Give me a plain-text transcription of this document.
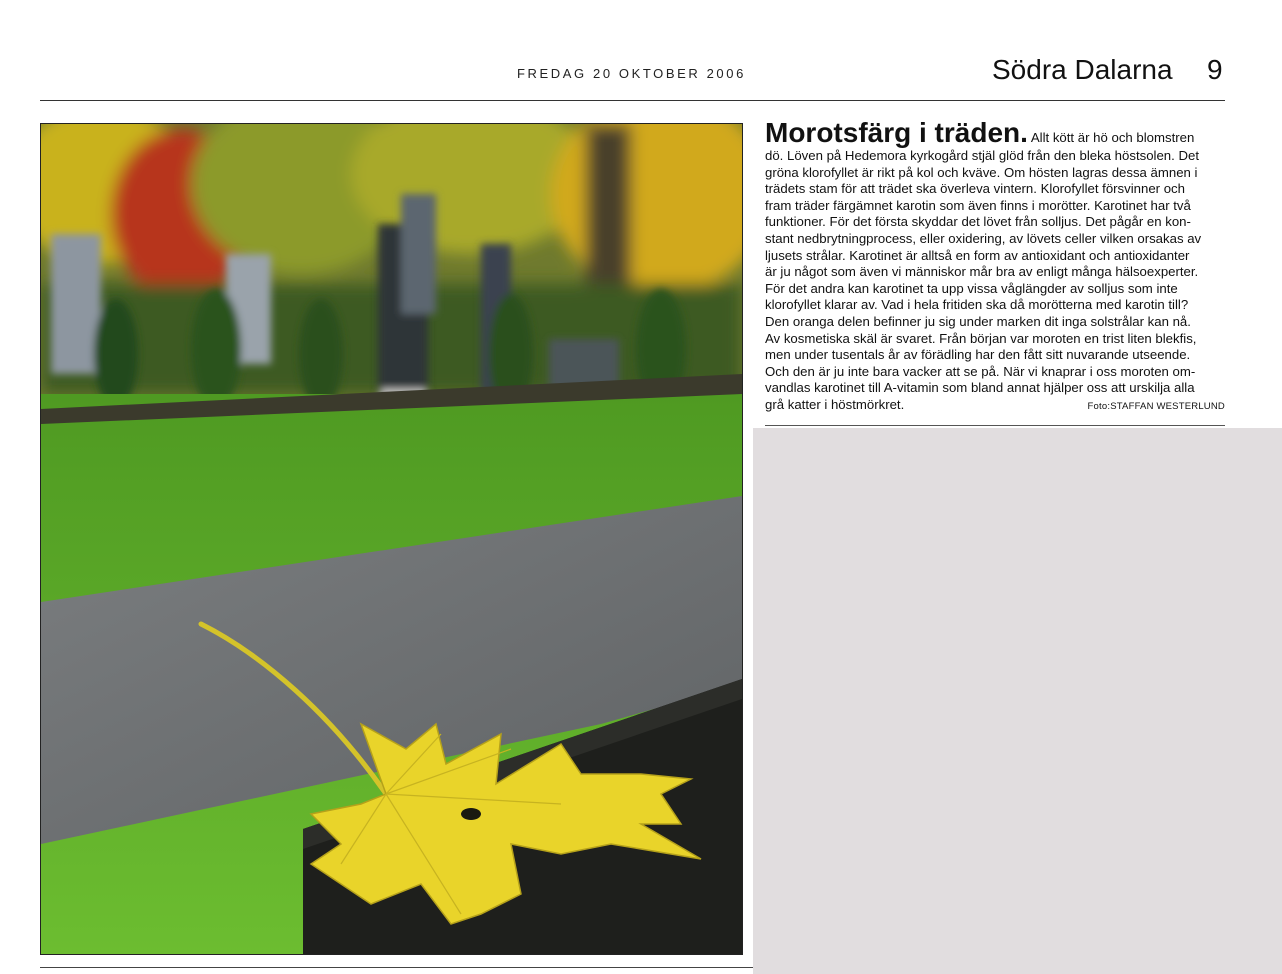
FREDAG 20 OKTOBER 2006	Södra Dalarna 9
Morotsfärg i träden. Allt kött är hö och blomstren
dö. Löven på Hedemora kyrkogård stjäl glöd från den bleka höstsolen. Det
gröna klorofyllet är rikt på kol och kväve. Om hösten lagras dessa ämnen i
trädets stam för att trädet ska överleva vintern. Klorofyllet försvinner och
fram träder färgämnet karotin som även finns i morötter. Karotinet har två
funktioner. För det första skyddar det lövet från solljus. Det pågår en kon-
stant nedbrytningprocess, eller oxidering, av lövets celler vilken orsakas av
ljusets strålar. Karotinet är alltså en form av antioxidant och antioxidanter
är ju något som även vi människor mår bra av enligt många hälsoexperter.
För det andra kan karotinet ta upp vissa våglängder av solljus som inte
klorofyllet klarar av. Vad i hela fritiden ska då morötterna med karotin till?
Den oranga delen befinner ju sig under marken dit inga solstrålar kan nå.
Av kosmetiska skäl är svaret. Från början var moroten en trist liten blekfis,
men under tusentals år av förädling har den fått sitt nuvarande utseende.
Och den är ju inte bara vacker att se på. När vi knaprar i oss moroten om-
vandlas karotinet till A-vitamin som bland annat hjälper oss att urskilja alla
grå katter i höstmörkret.	Foto:STAFFAN WESTERLUND
